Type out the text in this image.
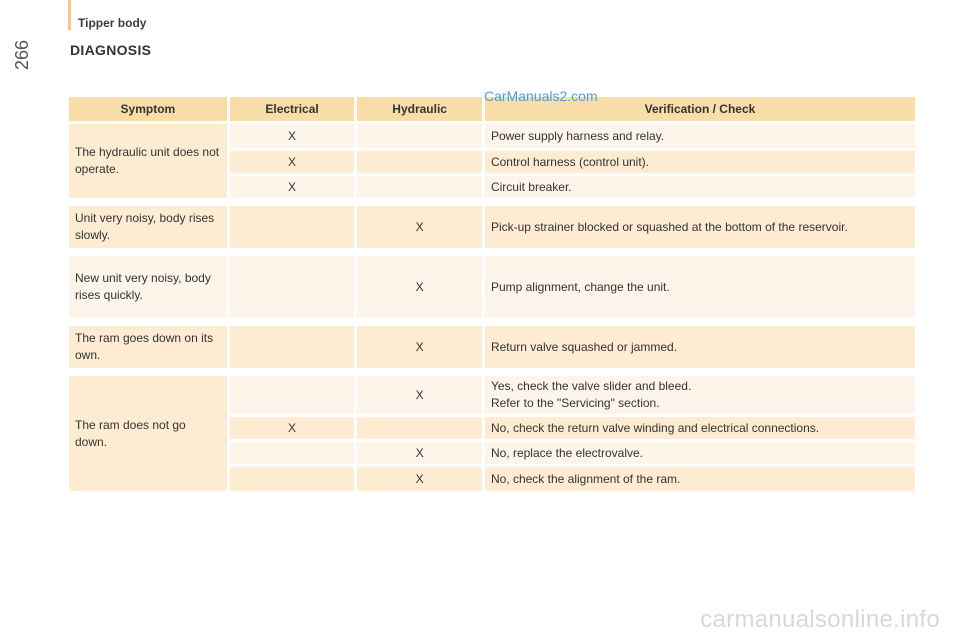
Tipper body
266	DIAGNOSIS
CarManuals2.com
carmanualsonline.info
Symptom	Electrical	Hydraulic	Verification / Check
The hydraulic unit does not operate.	X		Power supply harness and relay.
	X		Control harness (control unit).
	X		Circuit breaker.

Unit very noisy, body rises slowly.		X	Pick-up strainer blocked or squashed at the bottom of the reservoir.

New unit very noisy, body rises quickly.		X	Pump alignment, change the unit.

The ram goes down on its own.		X	Return valve squashed or jammed.

The ram does not go down.		X	Yes, check the valve slider and bleed.
Refer to the "Servicing" section.

	X		No, check the return valve winding and electrical connections.
		X	No, replace the electrovalve.
		X	No, check the alignment of the ram.
